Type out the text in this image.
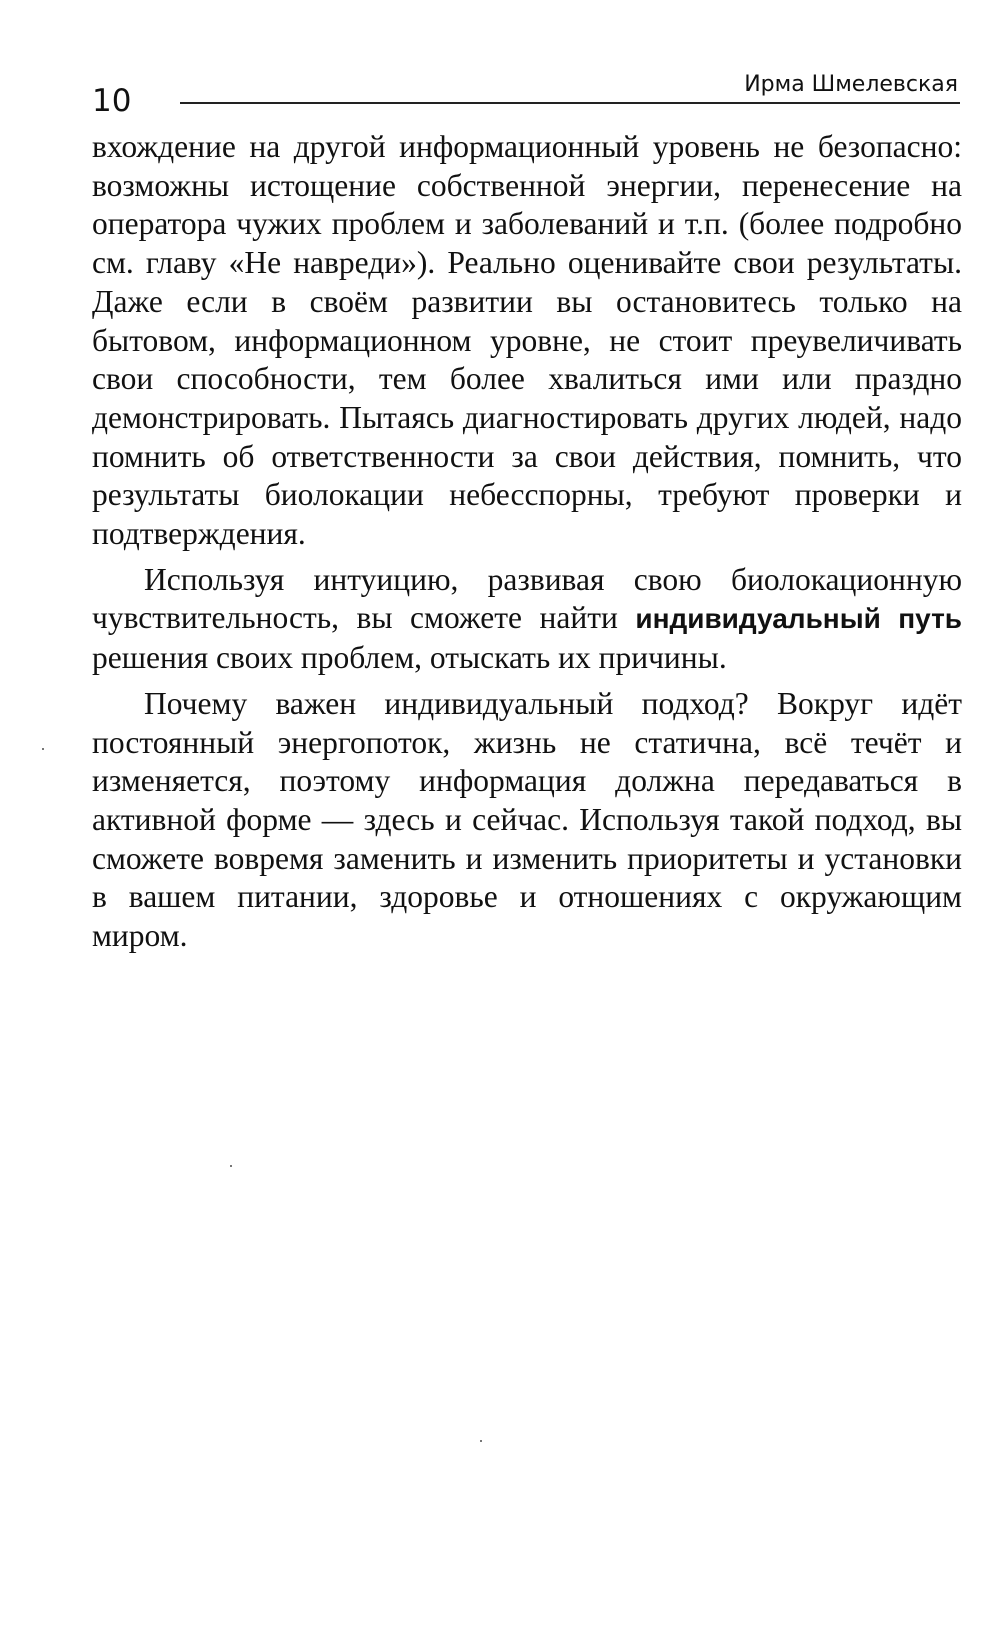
10	Ирма Шмелевская

вхождение на другой информационный уровень не безопасно: возможны истощение собственной энергии, перенесение на оператора чужих проблем и заболеваний и т.п. (более подробно см. главу «Не навреди»). Реально оценивайте свои результаты. Даже если в своём развитии вы остановитесь только на бытовом, информационном уровне, не стоит преувеличивать свои способности, тем более хвалиться ими или праздно демонстрировать. Пытаясь диагностировать других людей, надо помнить об ответственности за свои действия, помнить, что результаты биолокации небесспорны, требуют проверки и подтверждения.

Используя интуицию, развивая свою биолокационную чувствительность, вы сможете найти индивидуальный путь решения своих проблем, отыскать их причины.

Почему важен индивидуальный подход? Вокруг идёт постоянный энергопоток, жизнь не статична, всё течёт и изменяется, поэтому информация должна передаваться в активной форме — здесь и сейчас. Используя такой подход, вы сможете вовремя заменить и изменить приоритеты и установки в вашем питании, здоровье и отношениях с окружающим миром.
